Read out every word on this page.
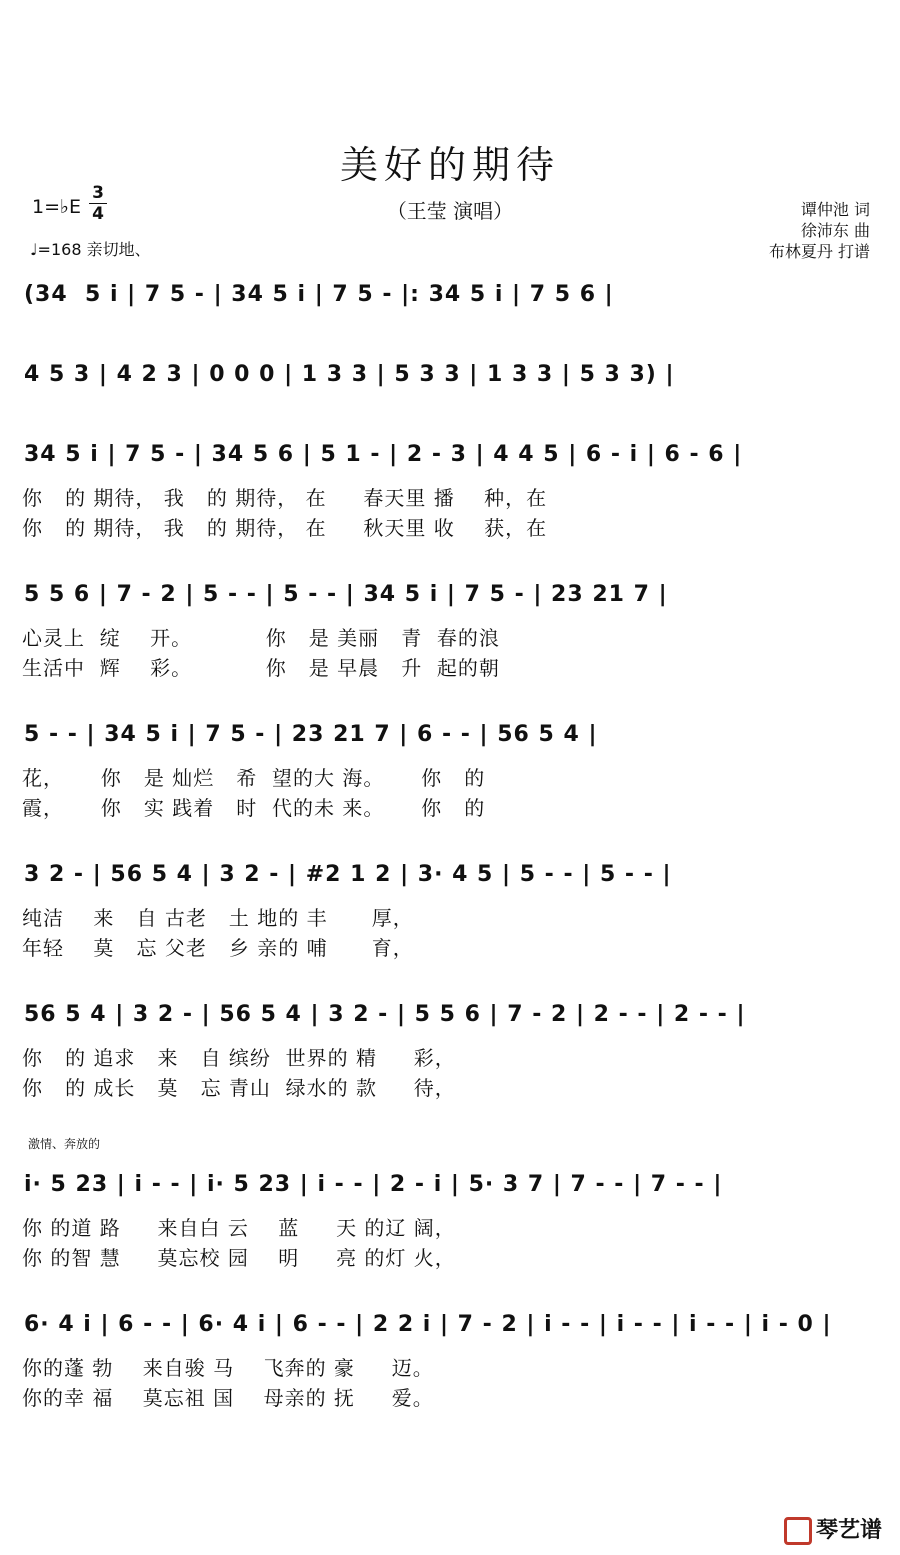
美好的期待
（王莹 演唱）
1=♭E
3
4
♩=168 亲切地、
谭仲池 词
徐沛东 曲
布林夏丹 打谱
激情、奔放的
(34  5 i | 7 5 - | 34 5 i | 7 5 - |: 34 5 i | 7 5 6 |
4 5 3 | 4 2 3 | 0 0 0 | 1 3 3 | 5 3 3 | 1 3 3 | 5 3 3) |
34 5 i | 7 5 - | 34 5 6 | 5 1 - | 2 - 3 | 4 4 5 | 6 - i | 6 - 6 |
你   的 期待， 我   的 期待， 在     春天里 播    种，在
你   的 期待， 我   的 期待， 在     秋天里 收    获，在
5 5 6 | 7 - 2 | 5 - - | 5 - - | 34 5 i | 7 5 - | 23 21 7 |
心灵上  绽    开。          你   是 美丽   青  春的浪
生活中  辉    彩。          你   是 早晨   升  起的朝
5 - - | 34 5 i | 7 5 - | 23 21 7 | 6 - - | 56 5 4 |
花，     你   是 灿烂   希  望的大 海。     你   的
霞，     你   实 践着   时  代的未 来。     你   的
3 2 - | 56 5 4 | 3 2 - | #2 1 2 | 3· 4 5 | 5 - - | 5 - - |
纯洁    来   自 古老   土 地的 丰      厚，
年轻    莫   忘 父老   乡 亲的 哺      育，
56 5 4 | 3 2 - | 56 5 4 | 3 2 - | 5 5 6 | 7 - 2 | 2 - - | 2 - - |
你   的 追求   来   自 缤纷  世界的 精     彩，
你   的 成长   莫   忘 青山  绿水的 款     待，
i· 5 23 | i - - | i· 5 23 | i - - | 2 - i | 5· 3 7 | 7 - - | 7 - - |
你 的道 路     来自白 云    蓝     天 的辽 阔，
你 的智 慧     莫忘校 园    明     亮 的灯 火，
6· 4 i | 6 - - | 6· 4 i | 6 - - | 2 2 i | 7 - 2 | i - - | i - - | i - - | i - 0 |
你的蓬 勃    来自骏 马    飞奔的 豪     迈。
你的幸 福    莫忘祖 国    母亲的 抚     爱。
琴艺谱
